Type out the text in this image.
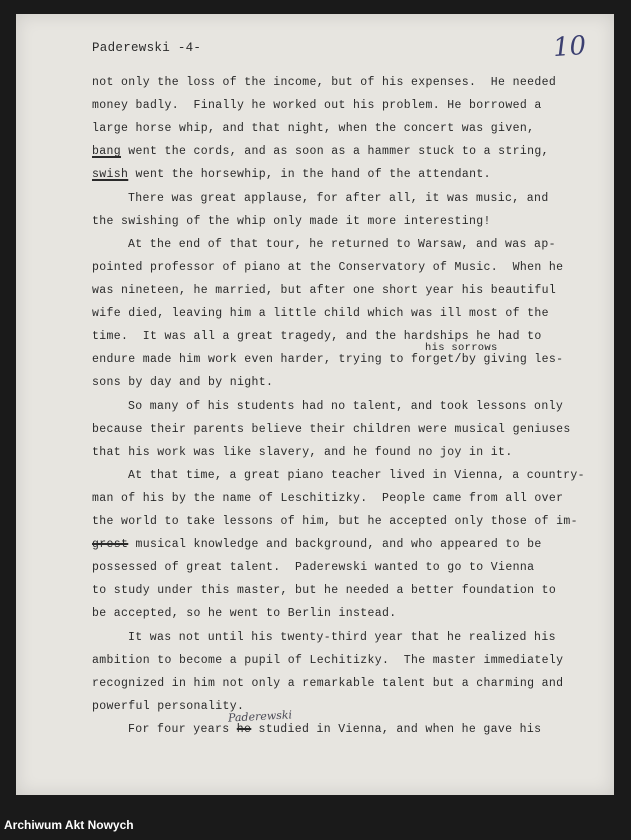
Paderewski -4-	10
not only the loss of the income, but of his expenses.  He needed
money badly.  Finally he worked out his problem. He borrowed a
large horse whip, and that night, when the concert was given,
bang went the cords, and as soon as a hammer stuck to a string,
swish went the horsewhip, in the hand of the attendant.
There was great applause, for after all, it was music, and
the swishing of the whip only made it more interesting!
At the end of that tour, he returned to Warsaw, and was ap-
pointed professor of piano at the Conservatory of Music.  When he
was nineteen, he married, but after one short year his beautiful
wife died, leaving him a little child which was ill most of the
time.  It was all a great tragedy, and the hardships he had to
endure made him work even harder, trying to forget/by giving les-
sons by day and by night.
So many of his students had no talent, and took lessons only
because their parents believe their children were musical geniuses
that his work was like slavery, and he found no joy in it.
At that time, a great piano teacher lived in Vienna, a country-
man of his by the name of Leschitizky.  People came from all over
the world to take lessons of him, but he accepted only those of im-
grest musical knowledge and background, and who appeared to be
possessed of great talent.  Paderewski wanted to go to Vienna
to study under this master, but he needed a better foundation to
be accepted, so he went to Berlin instead.
It was not until his twenty-third year that he realized his
ambition to become a pupil of Lechitizky.  The master immediately
recognized in him not only a remarkable talent but a charming and
powerful personality.
For four years he studied in Vienna, and when he gave his
his sorrows
Paderewski
Archiwum Akt Nowych
